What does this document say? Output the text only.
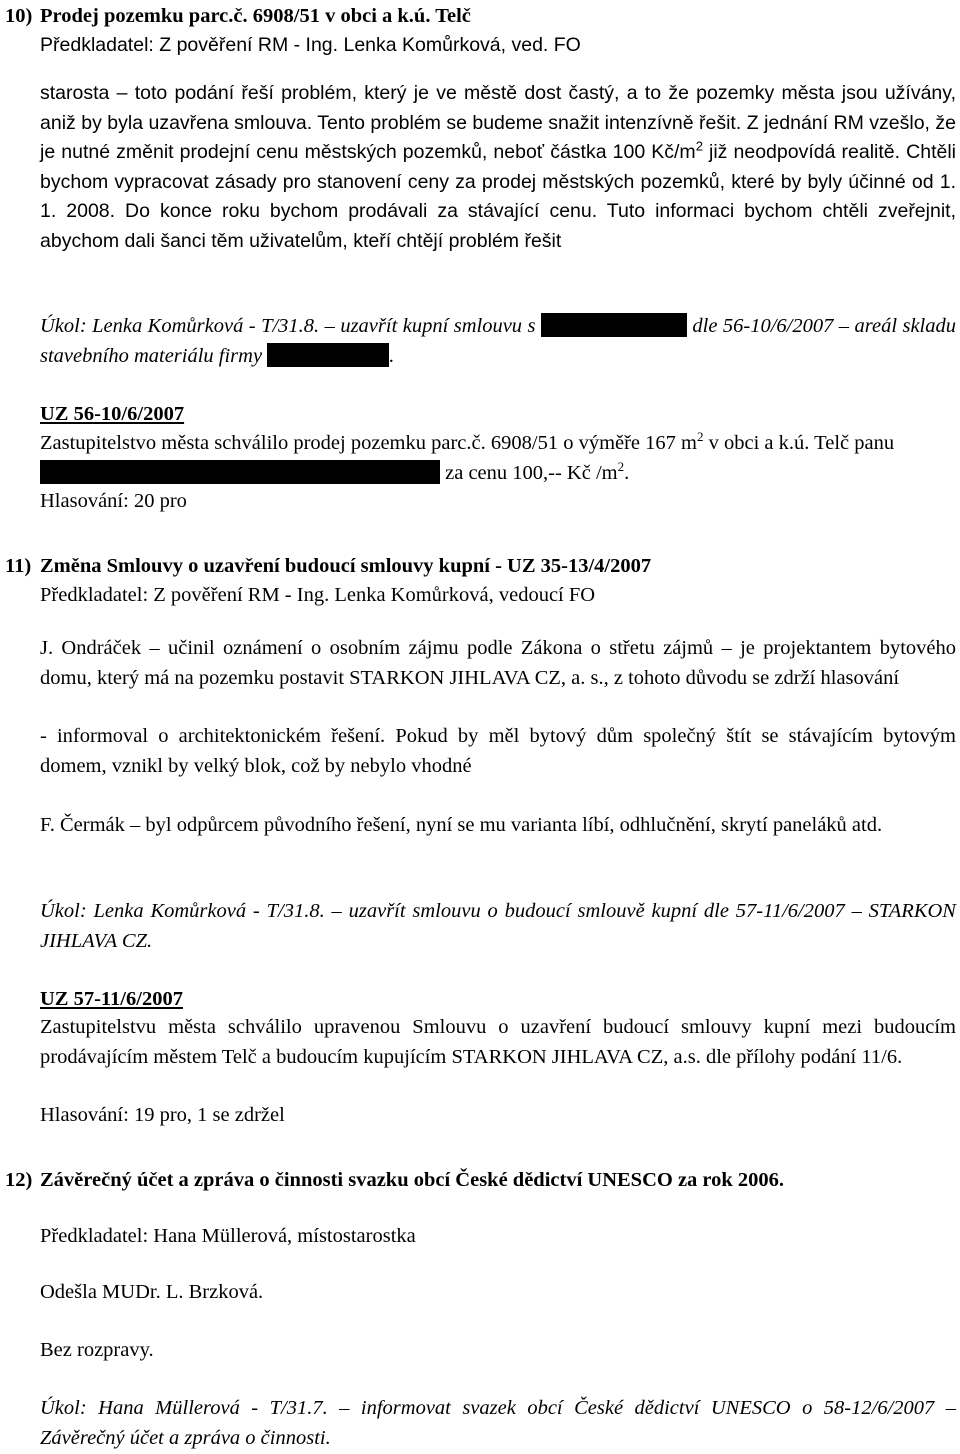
10) Prodej pozemku parc.č. 6908/51 v obci a k.ú. Telč

Předkladatel: Z pověření RM - Ing. Lenka Komůrková, ved. FO

starosta – toto podání řeší problém, který je ve městě dost častý, a to že pozemky města jsou užívány, aniž by byla uzavřena smlouva. Tento problém se budeme snažit intenzívně řešit. Z jednání RM vzešlo, že je nutné změnit prodejní cenu městských pozemků, neboť částka 100 $Kč/m^2$ již neodpovídá realitě. Chtěli bychom vypracovat zásady pro stanovení ceny za prodej městských pozemků, které by byly účinné od 1. 1. 2008. Do konce roku bychom prodávali za stávající cenu. Tuto informaci bychom chtěli zveřejnit, abychom dali šanci těm uživatelům, kteří chtějí problém řešit

Úkol: Lenka Komůrková - T/31.8. – uzavřít kupní smlouvu s	dle 56-10/6/2007 – areál skladu stavebního materiálu firmy	.

UZ 56-10/6/2007

Zastupitelstvo města schválilo prodej pozemku parc.č. 6908/51 o výměře 167 $m^2$ v obci a k.ú. Telč panu  za cenu 100,-- Kč $/m^2$.

Hlasování: 20 pro

11) Změna Smlouvy o uzavření budoucí smlouvy kupní - UZ 35-13/4/2007

Předkladatel: Z pověření RM - Ing. Lenka Komůrková, vedoucí FO

J. Ondráček – učinil oznámení o osobním zájmu podle Zákona o střetu zájmů – je projektantem bytového domu, který má na pozemku postavit STARKON JIHLAVA CZ, a. s., z tohoto důvodu se zdrží hlasování

- informoval o architektonickém řešení. Pokud by měl bytový dům společný štít se stávajícím bytovým domem, vznikl by velký blok, což by nebylo vhodné

F. Čermák – byl odpůrcem původního řešení, nyní se mu varianta líbí, odhlučnění, skrytí paneláků atd.

Úkol: Lenka Komůrková - T/31.8. – uzavřít smlouvu o budoucí smlouvě kupní dle 57-11/6/2007 – STARKON JIHLAVA CZ.

UZ 57-11/6/2007

Zastupitelstvu města schválilo upravenou Smlouvu o uzavření budoucí smlouvy kupní mezi budoucím prodávajícím městem Telč a budoucím kupujícím STARKON JIHLAVA CZ, a.s. dle přílohy podání 11/6.

Hlasování: 19 pro, 1 se zdržel

12) Závěrečný účet a zpráva o činnosti svazku obcí České dědictví UNESCO za rok 2006.

Předkladatel: Hana Müllerová, místostarostka

Odešla MUDr. L. Brzková.

Bez rozpravy.

Úkol: Hana Müllerová - T/31.7. – informovat svazek obcí České dědictví UNESCO o 58-12/6/2007 – Závěrečný účet a zpráva o činnosti.
